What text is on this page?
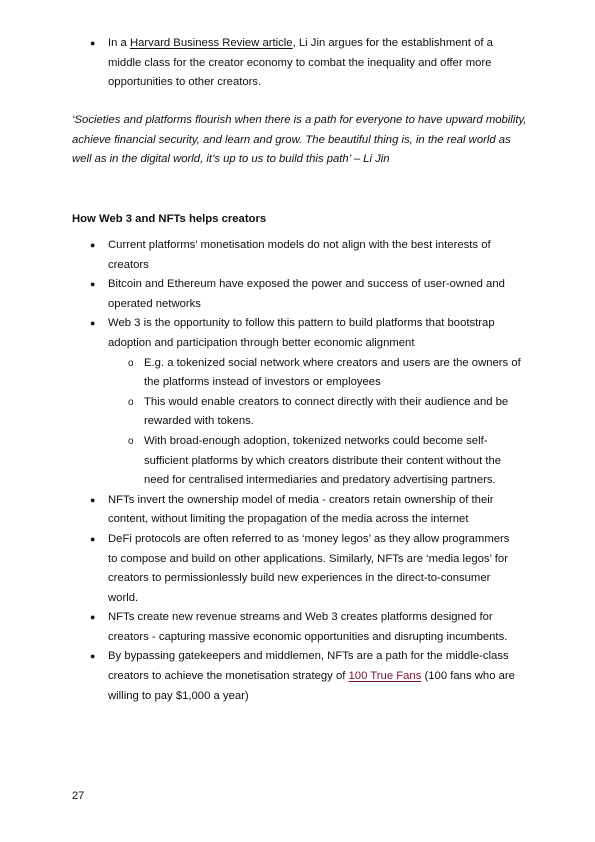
● In a Harvard Business Review article, Li Jin argues for the establishment of a middle class for the creator economy to combat the inequality and offer more opportunities to other creators.
‘Societies and platforms flourish when there is a path for everyone to have upward mobility, achieve financial security, and learn and grow. The beautiful thing is, in the real world as well as in the digital world, it’s up to us to build this path’ – Li Jin
How Web 3 and NFTs helps creators
● Current platforms’ monetisation models do not align with the best interests of creators
● Bitcoin and Ethereum have exposed the power and success of user-owned and operated networks
● Web 3 is the opportunity to follow this pattern to build platforms that bootstrap adoption and participation through better economic alignment
o E.g. a tokenized social network where creators and users are the owners of the platforms instead of investors or employees
o This would enable creators to connect directly with their audience and be rewarded with tokens.
o With broad-enough adoption, tokenized networks could become self-sufficient platforms by which creators distribute their content without the need for centralised intermediaries and predatory advertising partners.
● NFTs invert the ownership model of media - creators retain ownership of their content, without limiting the propagation of the media across the internet
● DeFi protocols are often referred to as ‘money legos’ as they allow programmers to compose and build on other applications. Similarly, NFTs are ‘media legos’ for creators to permissionlessly build new experiences in the direct-to-consumer world.
● NFTs create new revenue streams and Web 3 creates platforms designed for creators - capturing massive economic opportunities and disrupting incumbents.
● By bypassing gatekeepers and middlemen, NFTs are a path for the middle-class creators to achieve the monetisation strategy of 100 True Fans (100 fans who are willing to pay $1,000 a year)
27
